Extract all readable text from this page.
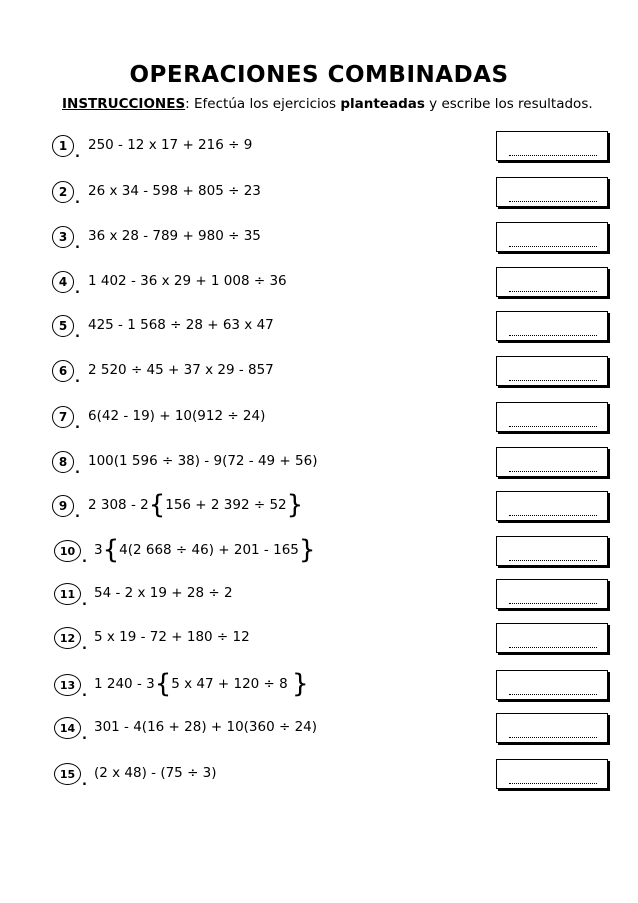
OPERACIONES COMBINADAS
INSTRUCCIONES: Efectúa los ejercicios planteadas y escribe los resultados.
1 .
250 - 12 x 17 + 216 ÷ 9
2 .
26 x 34 - 598 + 805 ÷ 23
3 .
36 x 28 - 789 + 980 ÷ 35
4 .
1 402 - 36 x 29 + 1 008 ÷ 36
5 .
425 - 1 568 ÷ 28 + 63 x 47
6 .
2 520 ÷ 45 + 37 x 29 - 857
7 .
6(42 - 19) + 10(912 ÷ 24)
8 .
100(1 596 ÷ 38) - 9(72 - 49 + 56)
9 .
2 308 - 2{156 + 2 392 ÷ 52}
10 .
3{4(2 668 ÷ 46) + 201 - 165}
11 .
54 - 2 x 19 + 28 ÷ 2
12 .
5 x 19 - 72 + 180 ÷ 12
13 .
1 240 - 3{5 x 47 + 120 ÷ 8 }
14 .
301 - 4(16 + 28) + 10(360 ÷ 24)
15 .
(2 x 48) - (75 ÷ 3)
